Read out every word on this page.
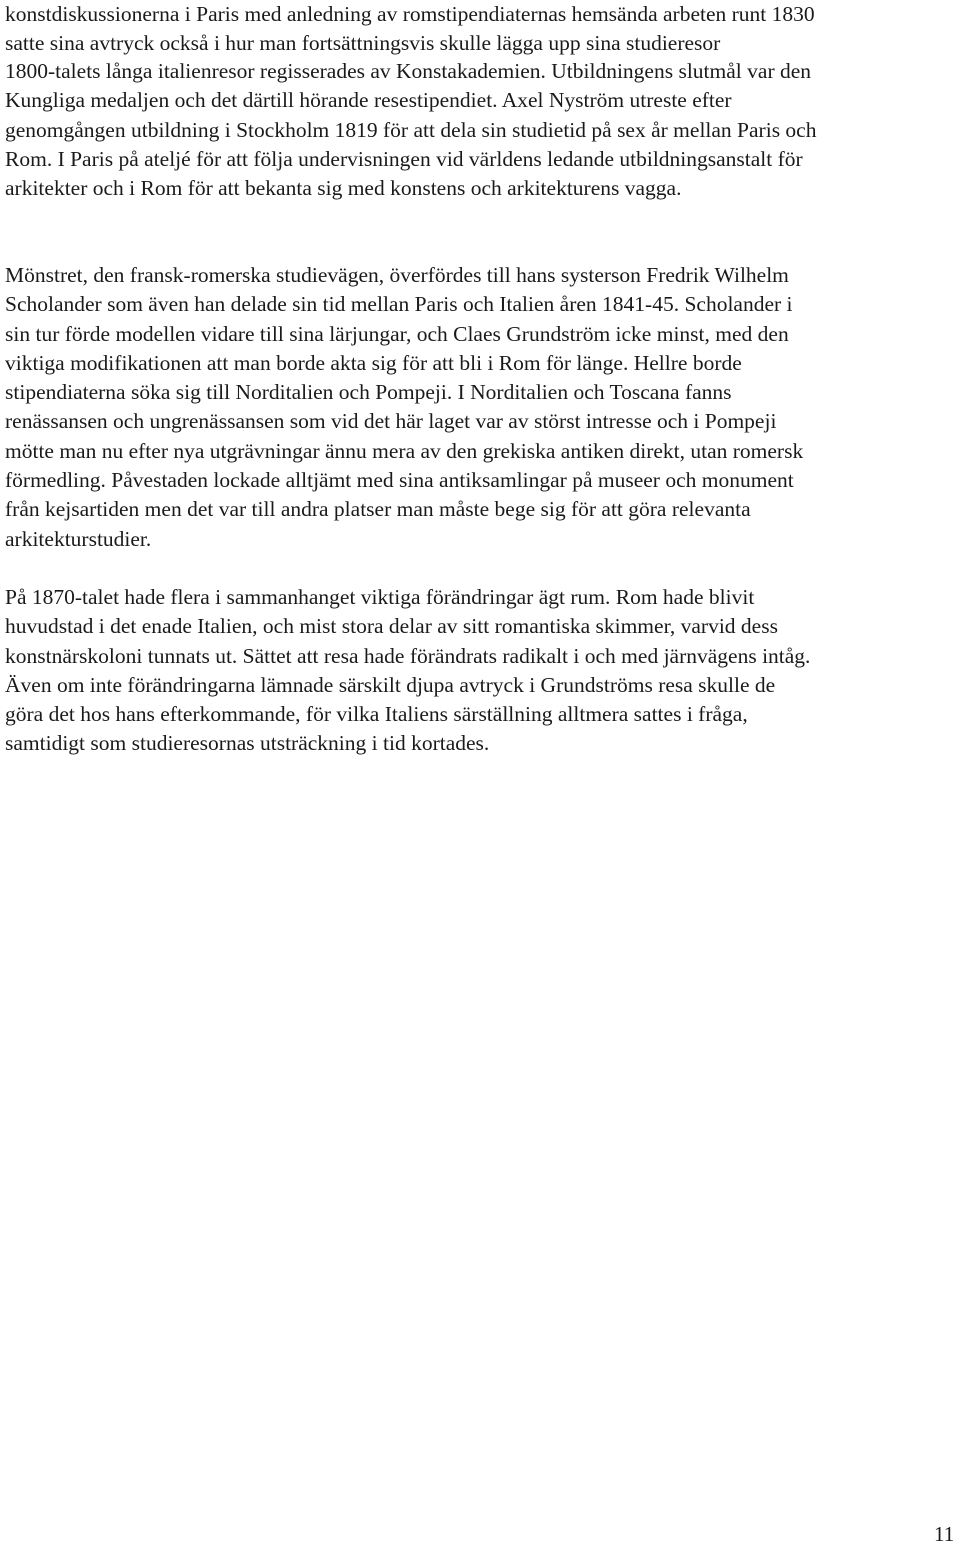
konstdiskussionerna i Paris med anledning av romstipendiaternas hemsända arbeten runt 1830
satte sina avtryck också i hur man fortsättningsvis skulle lägga upp sina studieresor

1800-talets långa italienresor regisserades av Konstakademien. Utbildningens slutmål var den
Kungliga medaljen och det därtill hörande resestipendiet. Axel Nyström utreste efter
genomgången utbildning i Stockholm 1819 för att dela sin studietid på sex år mellan Paris och
Rom. I Paris på ateljé för att följa undervisningen vid världens ledande utbildningsanstalt för
arkitekter och i Rom för att bekanta sig med konstens och arkitekturens vagga.

Mönstret, den fransk-romerska studievägen, överfördes till hans systerson Fredrik Wilhelm
Scholander som även han delade sin tid mellan Paris och Italien åren 1841-45. Scholander i
sin tur förde modellen vidare till sina lärjungar, och Claes Grundström icke minst, med den
viktiga modifikationen att man borde akta sig för att bli i Rom för länge. Hellre borde
stipendiaterna söka sig till Norditalien och Pompeji. I Norditalien och Toscana fanns
renässansen och ungrenässansen som vid det här laget var av störst intresse och i Pompeji
mötte man nu efter nya utgrävningar ännu mera av den grekiska antiken direkt, utan romersk
förmedling. Påvestaden lockade alltjämt med sina antiksamlingar på museer och monument
från kejsartiden men det var till andra platser man måste bege sig för att göra relevanta
arkitekturstudier.

På 1870-talet hade flera i sammanhanget viktiga förändringar ägt rum. Rom hade blivit
huvudstad i det enade Italien, och mist stora delar av sitt romantiska skimmer, varvid dess
konstnärskoloni tunnats ut. Sättet att resa hade förändrats radikalt i och med järnvägens intåg.
Även om inte förändringarna lämnade särskilt djupa avtryck i Grundströms resa skulle de
göra det hos hans efterkommande, för vilka Italiens särställning alltmera sattes i fråga,
samtidigt som studieresornas utsträckning i tid kortades.

11
